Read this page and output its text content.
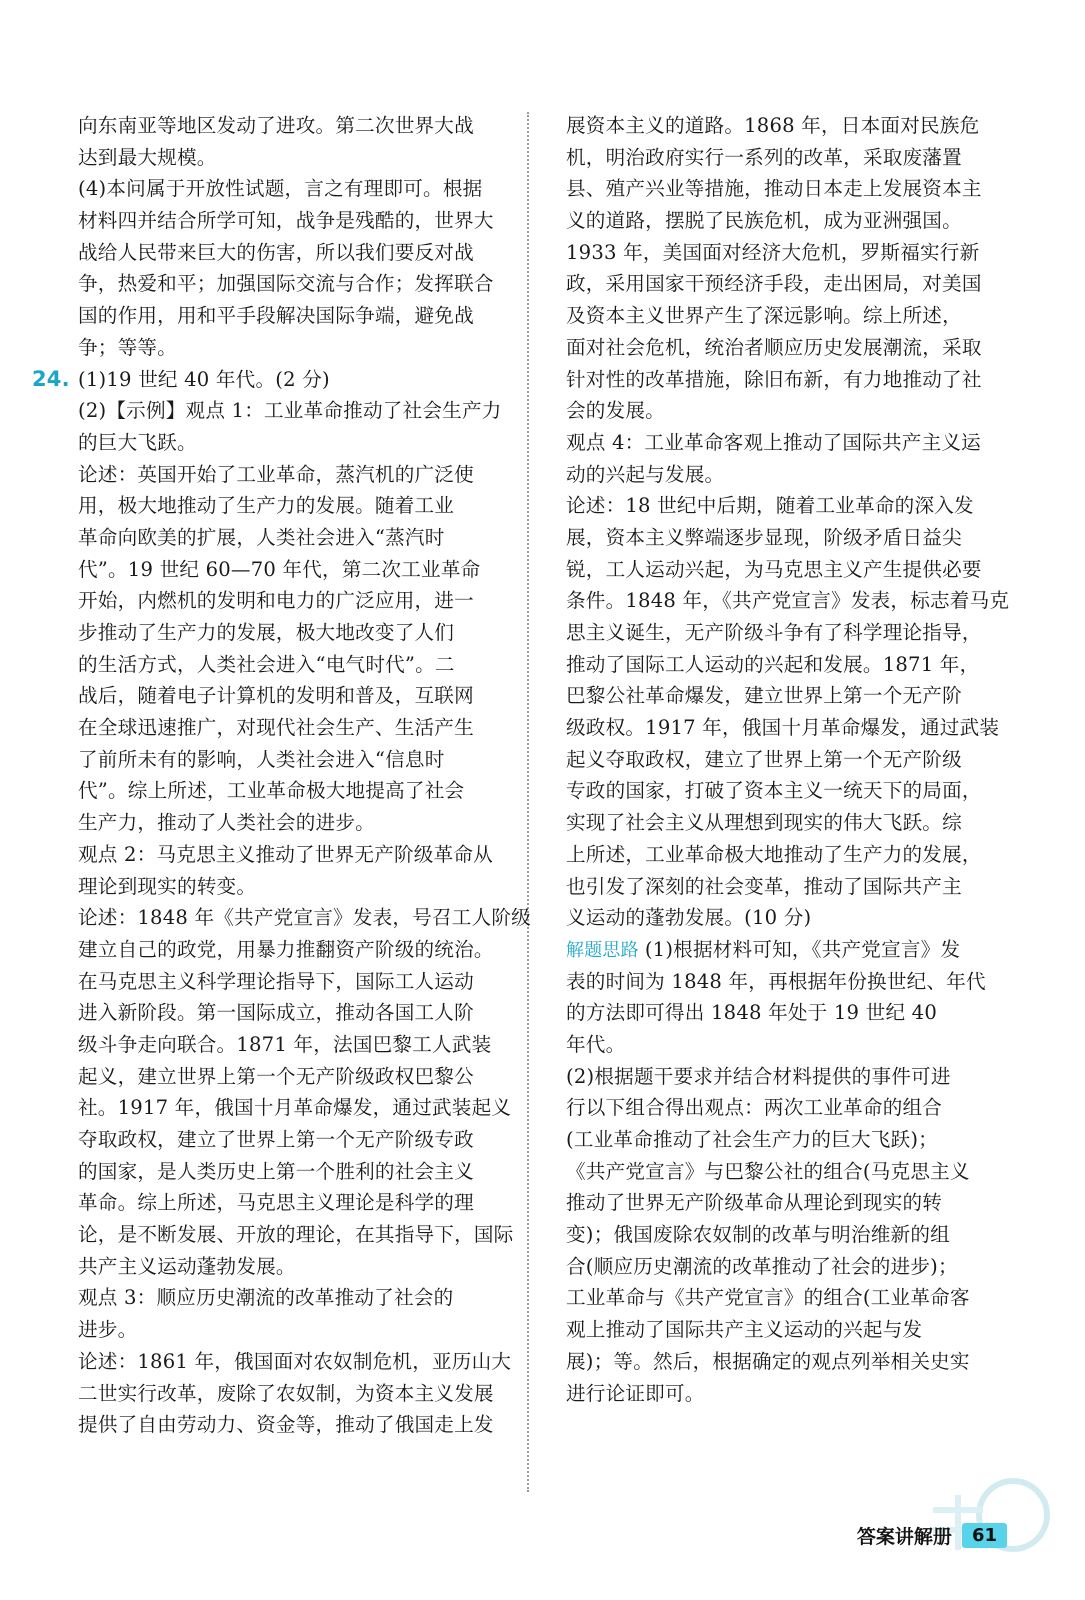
向东南亚等地区发动了进攻。第二次世界大战
达到最大规模。
(4)本问属于开放性试题，言之有理即可。根据
材料四并结合所学可知，战争是残酷的，世界大
战给人民带来巨大的伤害，所以我们要反对战
争，热爱和平；加强国际交流与合作；发挥联合
国的作用，用和平手段解决国际争端，避免战
争；等等。
24. (1)19 世纪 40 年代。(2 分)
(2)【示例】观点 1：工业革命推动了社会生产力
的巨大飞跃。
论述：英国开始了工业革命，蒸汽机的广泛使
用，极大地推动了生产力的发展。随着工业
革命向欧美的扩展，人类社会进入“蒸汽时
代”。19 世纪 60—70 年代，第二次工业革命
开始，内燃机的发明和电力的广泛应用，进一
步推动了生产力的发展，极大地改变了人们
的生活方式，人类社会进入“电气时代”。二
战后，随着电子计算机的发明和普及，互联网
在全球迅速推广，对现代社会生产、生活产生
了前所未有的影响，人类社会进入“信息时
代”。综上所述，工业革命极大地提高了社会
生产力，推动了人类社会的进步。
观点 2：马克思主义推动了世界无产阶级革命从
理论到现实的转变。
论述：1848 年《共产党宣言》发表，号召工人阶级
建立自己的政党，用暴力推翻资产阶级的统治。
在马克思主义科学理论指导下，国际工人运动
进入新阶段。第一国际成立，推动各国工人阶
级斗争走向联合。1871 年，法国巴黎工人武装
起义，建立世界上第一个无产阶级政权巴黎公
社。1917 年，俄国十月革命爆发，通过武装起义
夺取政权，建立了世界上第一个无产阶级专政
的国家，是人类历史上第一个胜利的社会主义
革命。综上所述，马克思主义理论是科学的理
论，是不断发展、开放的理论，在其指导下，国际
共产主义运动蓬勃发展。
观点 3：顺应历史潮流的改革推动了社会的
进步。
论述：1861 年，俄国面对农奴制危机，亚历山大
二世实行改革，废除了农奴制，为资本主义发展
提供了自由劳动力、资金等，推动了俄国走上发
展资本主义的道路。1868 年，日本面对民族危
机，明治政府实行一系列的改革，采取废藩置
县、殖产兴业等措施，推动日本走上发展资本主
义的道路，摆脱了民族危机，成为亚洲强国。
1933 年，美国面对经济大危机，罗斯福实行新
政，采用国家干预经济手段，走出困局，对美国
及资本主义世界产生了深远影响。综上所述，
面对社会危机，统治者顺应历史发展潮流，采取
针对性的改革措施，除旧布新，有力地推动了社
会的发展。
观点 4：工业革命客观上推动了国际共产主义运
动的兴起与发展。
论述：18 世纪中后期，随着工业革命的深入发
展，资本主义弊端逐步显现，阶级矛盾日益尖
锐，工人运动兴起，为马克思主义产生提供必要
条件。1848 年，《共产党宣言》发表，标志着马克
思主义诞生，无产阶级斗争有了科学理论指导，
推动了国际工人运动的兴起和发展。1871 年，
巴黎公社革命爆发，建立世界上第一个无产阶
级政权。1917 年，俄国十月革命爆发，通过武装
起义夺取政权，建立了世界上第一个无产阶级
专政的国家，打破了资本主义一统天下的局面，
实现了社会主义从理想到现实的伟大飞跃。综
上所述，工业革命极大地推动了生产力的发展，
也引发了深刻的社会变革，推动了国际共产主
义运动的蓬勃发展。(10 分)
解题思路 (1)根据材料可知，《共产党宣言》发
表的时间为 1848 年，再根据年份换世纪、年代
的方法即可得出 1848 年处于 19 世纪 40
年代。
(2)根据题干要求并结合材料提供的事件可进
行以下组合得出观点：两次工业革命的组合
(工业革命推动了社会生产力的巨大飞跃)；
《共产党宣言》与巴黎公社的组合(马克思主义
推动了世界无产阶级革命从理论到现实的转
变)；俄国废除农奴制的改革与明治维新的组
合(顺应历史潮流的改革推动了社会的进步)；
工业革命与《共产党宣言》的组合(工业革命客
观上推动了国际共产主义运动的兴起与发
展)；等。然后，根据确定的观点列举相关史实
进行论证即可。
答案讲解册	61
